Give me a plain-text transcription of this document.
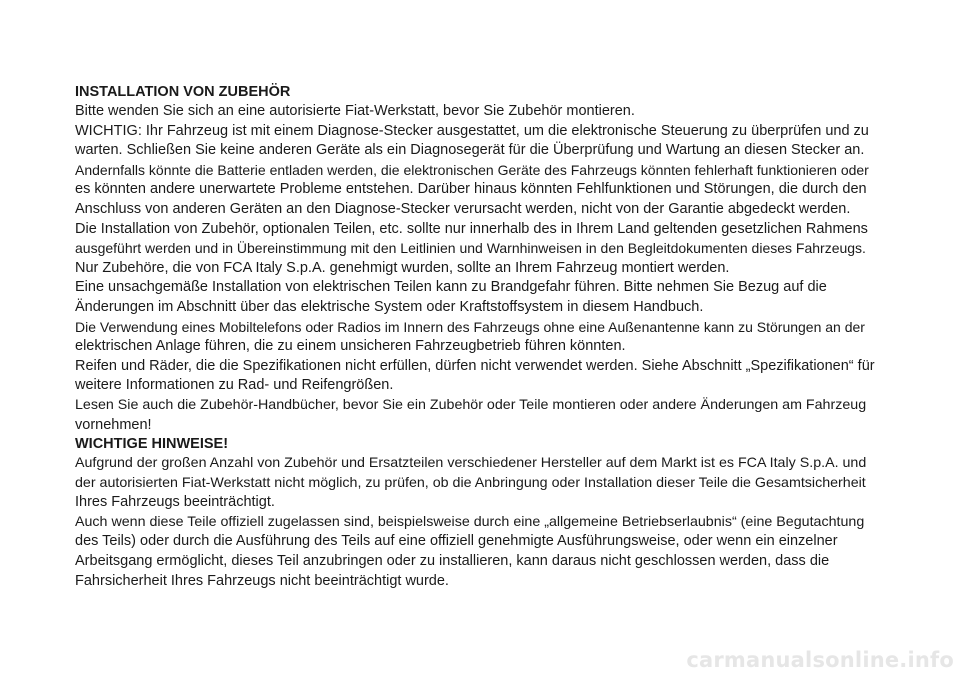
INSTALLATION VON ZUBEHÖR

Bitte wenden Sie sich an eine autorisierte Fiat-Werkstatt, bevor Sie Zubehör montieren.

WICHTIG: Ihr Fahrzeug ist mit einem Diagnose-Stecker ausgestattet, um die elektronische Steuerung zu überprüfen und zu

warten. Schließen Sie keine anderen Geräte als ein Diagnosegerät für die Überprüfung und Wartung an diesen Stecker an.

Andernfalls könnte die Batterie entladen werden, die elektronischen Geräte des Fahrzeugs könnten fehlerhaft funktionieren oder

es könnten andere unerwartete Probleme entstehen. Darüber hinaus könnten Fehlfunktionen und Störungen, die durch den

Anschluss von anderen Geräten an den Diagnose-Stecker verursacht werden, nicht von der Garantie abgedeckt werden.

Die Installation von Zubehör, optionalen Teilen, etc. sollte nur innerhalb des in Ihrem Land geltenden gesetzlichen Rahmens

ausgeführt werden und in Übereinstimmung mit den Leitlinien und Warnhinweisen in den Begleitdokumenten dieses Fahrzeugs.

Nur Zubehöre, die von FCA Italy S.p.A. genehmigt wurden, sollte an Ihrem Fahrzeug montiert werden.

Eine unsachgemäße Installation von elektrischen Teilen kann zu Brandgefahr führen. Bitte nehmen Sie Bezug auf die

Änderungen im Abschnitt über das elektrische System oder Kraftstoffsystem in diesem Handbuch.

Die Verwendung eines Mobiltelefons oder Radios im Innern des Fahrzeugs ohne eine Außenantenne kann zu Störungen an der

elektrischen Anlage führen, die zu einem unsicheren Fahrzeugbetrieb führen könnten.

Reifen und Räder, die die Spezifikationen nicht erfüllen, dürfen nicht verwendet werden. Siehe Abschnitt „Spezifikationen“ für

weitere Informationen zu Rad- und Reifengrößen.

Lesen Sie auch die Zubehör-Handbücher, bevor Sie ein Zubehör oder Teile montieren oder andere Änderungen am Fahrzeug

vornehmen!

WICHTIGE HINWEISE!

Aufgrund der großen Anzahl von Zubehör und Ersatzteilen verschiedener Hersteller auf dem Markt ist es FCA Italy S.p.A. und

der autorisierten Fiat-Werkstatt nicht möglich, zu prüfen, ob die Anbringung oder Installation dieser Teile die Gesamtsicherheit

Ihres Fahrzeugs beeinträchtigt.

Auch wenn diese Teile offiziell zugelassen sind, beispielsweise durch eine „allgemeine Betriebserlaubnis“ (eine Begutachtung

des Teils) oder durch die Ausführung des Teils auf eine offiziell genehmigte Ausführungsweise, oder wenn ein einzelner

Arbeitsgang ermöglicht, dieses Teil anzubringen oder zu installieren, kann daraus nicht geschlossen werden, dass die

Fahrsicherheit Ihres Fahrzeugs nicht beeinträchtigt wurde.

carmanualsonline.info
